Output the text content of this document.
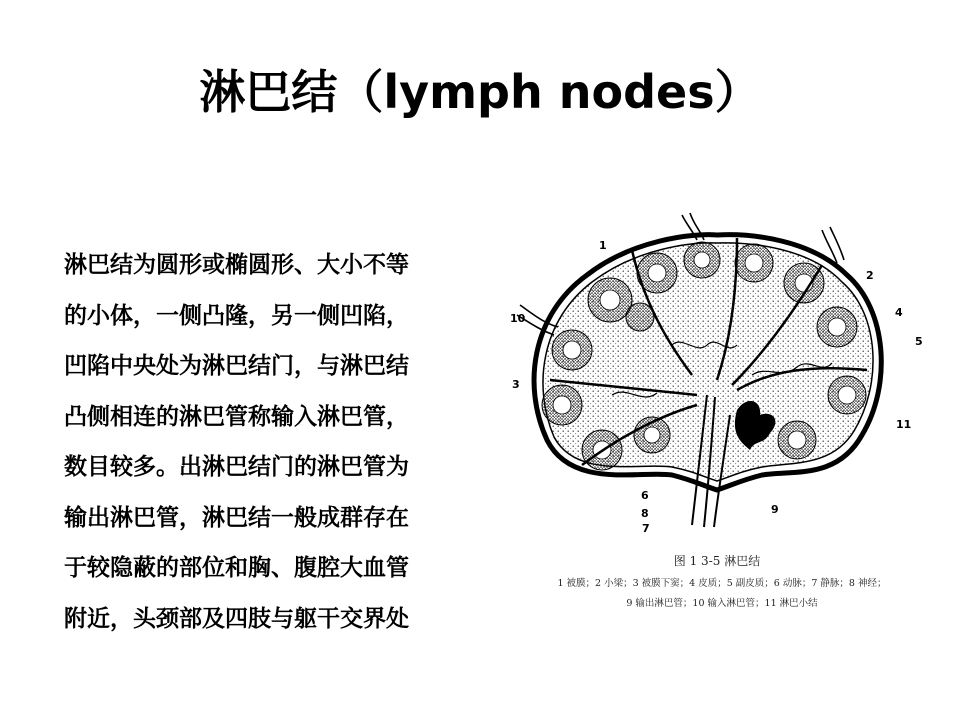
淋巴结（lymph nodes）
淋巴结为圆形或椭圆形、大小不等
的小体，一侧凸隆，另一侧凹陷，
凹陷中央处为淋巴结门，与淋巴结
凸侧相连的淋巴管称输入淋巴管，
数目较多。出淋巴结门的淋巴管为
输出淋巴管，淋巴结一般成群存在
于较隐蔽的部位和胸、腹腔大血管
附近，头颈部及四肢与躯干交界处
1
2
4
10
5
3
11
6
8	9
7
图 1 3-5 淋巴结
1 被膜；2 小梁；3 被膜下窦；4 皮质；5 副皮质；6 动脉；7 静脉；8 神经；
9 输出淋巴管；10 输入淋巴管；11 淋巴小结
